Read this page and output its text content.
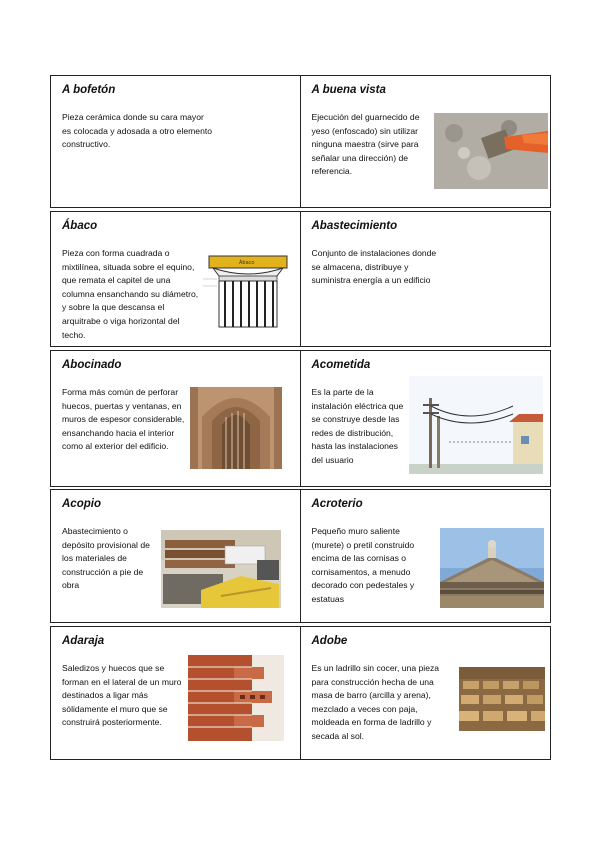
A bofetón
Pieza cerámica donde su cara mayor es colocada y adosada a otro elemento constructivo.
A buena vista
Ejecución del guarnecido de yeso (enfoscado) sin utilizar ninguna maestra (sirve para señalar una dirección) de referencia.
Ábaco
Pieza con forma cuadrada o mixtilínea, situada sobre el equino, que remata el capitel de una columna ensanchando su diámetro, y sobre la que descansa el arquitrabe o viga horizontal del techo.
Ábaco
Abastecimiento
Conjunto de instalaciones donde se almacena, distribuye y suministra energía a un edificio
Abocinado
Forma más común de perforar huecos, puertas y ventanas, en muros de espesor considerable, ensanchando hacia el interior como al exterior del edificio.
Acometida
Es la parte de la instalación eléctrica que se construye desde las redes de distribución, hasta las instalaciones del usuario
Acopio
Abastecimiento o depósito provisional de los materiales de construcción a pie de obra
Acroterio
Pequeño muro saliente (murete) o pretil construido encima de las cornisas o cornisamentos, a menudo decorado con pedestales y estatuas
Adaraja
Saledizos y huecos que se forman en el lateral de un muro destinados a ligar más sólidamente el muro que se construirá posteriormente.
Adobe
Es un ladrillo sin cocer, una pieza para construcción hecha de una masa de barro (arcilla y arena), mezclado a veces con paja, moldeada en forma de ladrillo y secada al sol.
